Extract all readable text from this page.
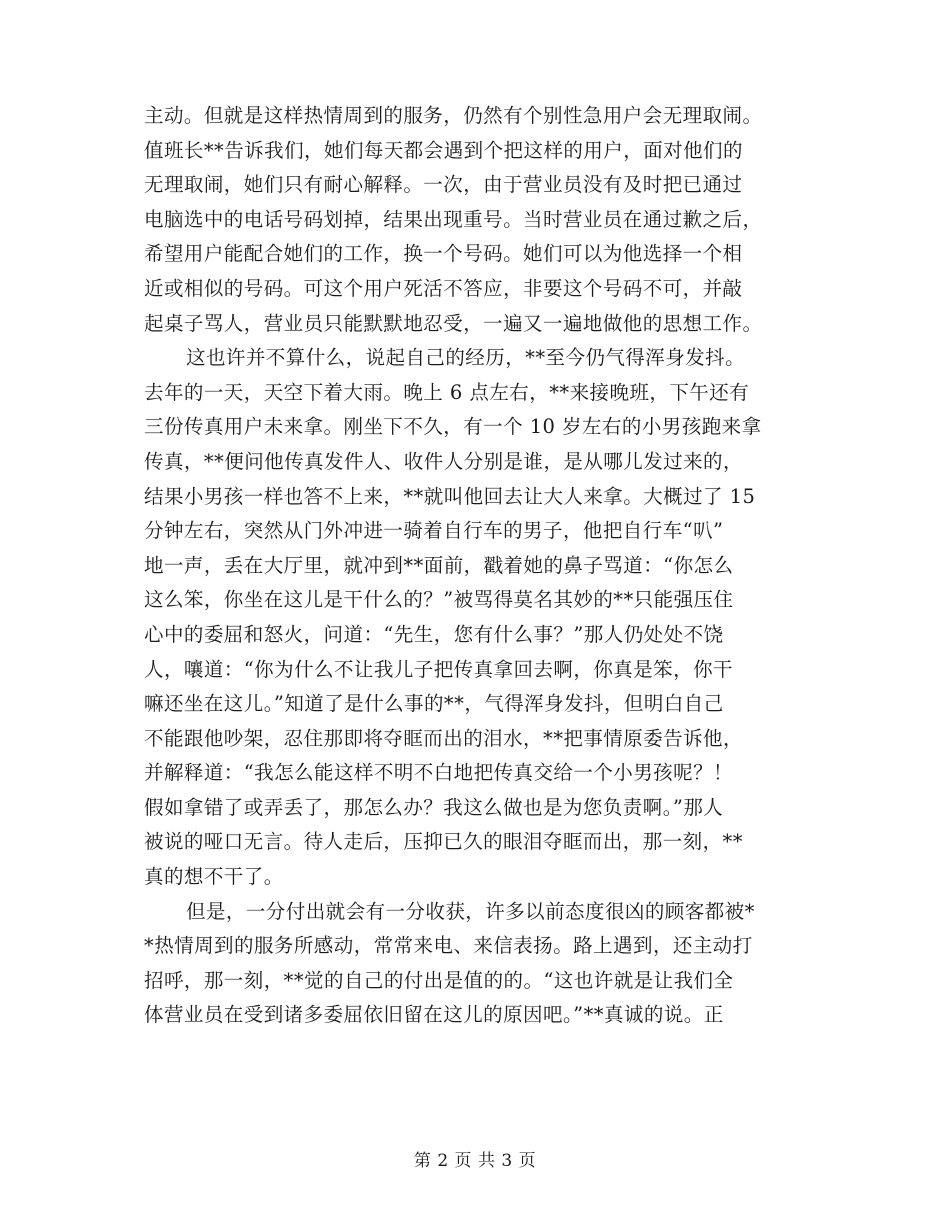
主动。但就是这样热情周到的服务，仍然有个别性急用户会无理取闹。
值班长**告诉我们，她们每天都会遇到个把这样的用户，面对他们的
无理取闹，她们只有耐心解释。一次，由于营业员没有及时把已通过
电脑选中的电话号码划掉，结果出现重号。当时营业员在通过歉之后，
希望用户能配合她们的工作，换一个号码。她们可以为他选择一个相
近或相似的号码。可这个用户死活不答应，非要这个号码不可，并敲
起桌子骂人，营业员只能默默地忍受，一遍又一遍地做他的思想工作。
这也许并不算什么，说起自己的经历，**至今仍气得浑身发抖。
去年的一天，天空下着大雨。晚上 6 点左右，**来接晚班，下午还有
三份传真用户未来拿。刚坐下不久，有一个 10 岁左右的小男孩跑来拿
传真，**便问他传真发件人、收件人分别是谁，是从哪儿发过来的，
结果小男孩一样也答不上来，**就叫他回去让大人来拿。大概过了 15
分钟左右，突然从门外冲进一骑着自行车的男子，他把自行车“叭”
地一声，丢在大厅里，就冲到**面前，戳着她的鼻子骂道：“你怎么
这么笨，你坐在这儿是干什么的？”被骂得莫名其妙的**只能强压住
心中的委屈和怒火，问道：“先生，您有什么事？”那人仍处处不饶
人，嚷道：“你为什么不让我儿子把传真拿回去啊，你真是笨，你干
嘛还坐在这儿。”知道了是什么事的**，气得浑身发抖，但明白自己
不能跟他吵架，忍住那即将夺眶而出的泪水，**把事情原委告诉他，
并解释道：“我怎么能这样不明不白地把传真交给一个小男孩呢？！
假如拿错了或弄丢了，那怎么办？我这么做也是为您负责啊。”那人
被说的哑口无言。待人走后，压抑已久的眼泪夺眶而出，那一刻，**
真的想不干了。
但是，一分付出就会有一分收获，许多以前态度很凶的顾客都被*
*热情周到的服务所感动，常常来电、来信表扬。路上遇到，还主动打
招呼，那一刻，**觉的自己的付出是值的的。“这也许就是让我们全
体营业员在受到诸多委屈依旧留在这儿的原因吧。”**真诚的说。正
第 2 页 共 3 页
